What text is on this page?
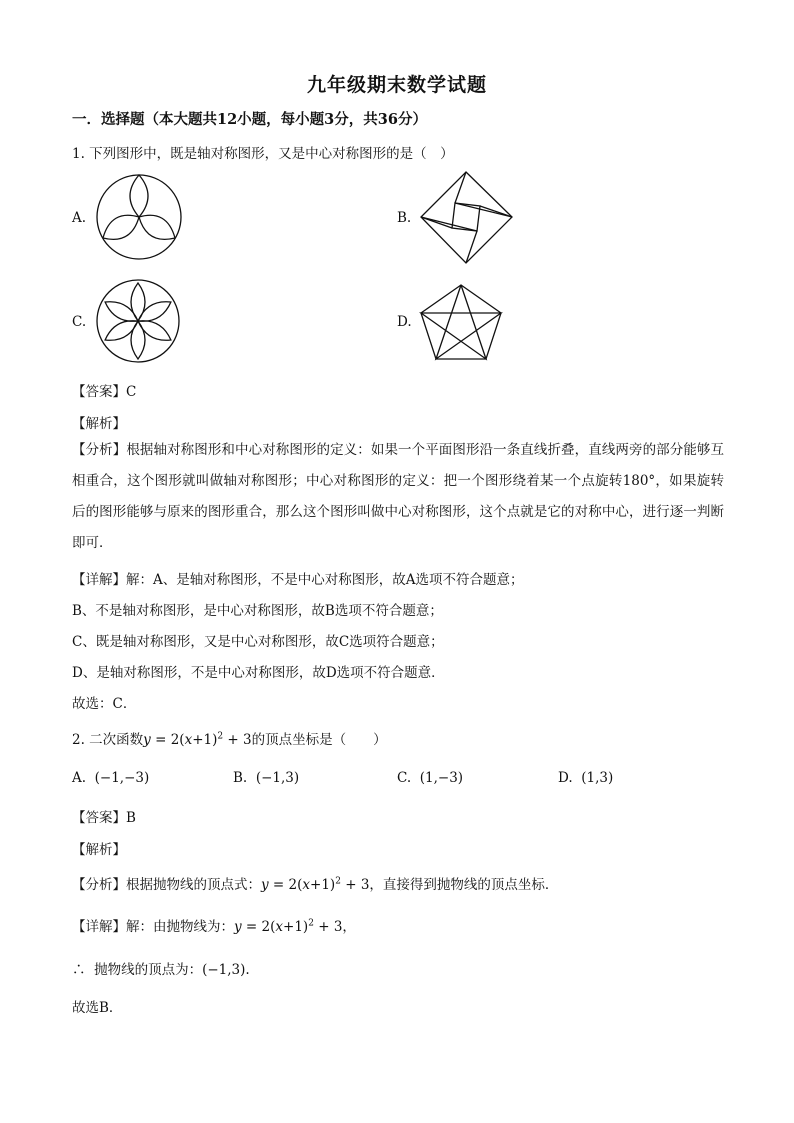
九年级期末数学试题
一．选择题（本大题共12小题，每小题3分，共36分）
1. 下列图形中，既是轴对称图形，又是中心对称图形的是（　）
A.	B.
C.	D.
【答案】C
【解析】
【分析】根据轴对称图形和中心对称图形的定义：如果一个平面图形沿一条直线折叠，直线两旁的部分能够互相重合，这个图形就叫做轴对称图形；中心对称图形的定义：把一个图形绕着某一个点旋转180°，如果旋转后的图形能够与原来的图形重合，那么这个图形叫做中心对称图形，这个点就是它的对称中心，进行逐一判断即可．
【详解】解：A、是轴对称图形，不是中心对称图形，故A选项不符合题意；
B、不是轴对称图形，是中心对称图形，故B选项不符合题意；
C、既是轴对称图形，又是中心对称图形，故C选项符合题意；
D、是轴对称图形，不是中心对称图形，故D选项不符合题意．
故选：C．
2. 二次函数$y = 2(x+1)^2 + 3$的顶点坐标是（　　）
A. (−1,−3)	B. (−1,3)	C. (1,−3)	D. (1,3)
【答案】B
【解析】
【分析】根据抛物线的顶点式：$y = 2(x+1)^2 + 3$，直接得到抛物线的顶点坐标．
【详解】解：由抛物线为：$y = 2(x+1)^2 + 3$，
∴ 抛物线的顶点为：(−1,3).
故选B．
